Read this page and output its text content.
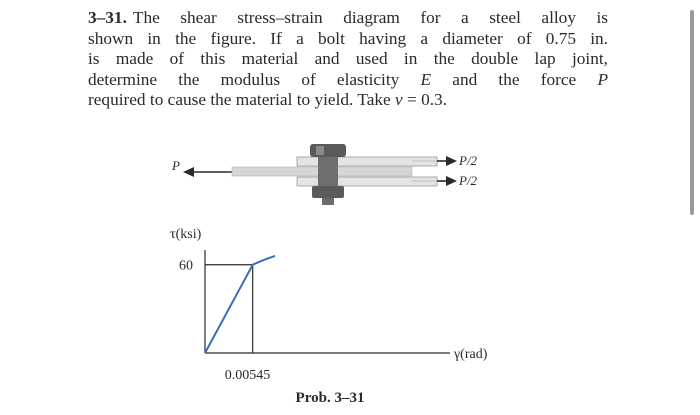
3–31. The shear stress–strain diagram for a steel alloy is
shown in the figure. If a bolt having a diameter of 0.75 in.
is made of this material and used in the double lap joint,
determine the modulus of elasticity E and the force P
required to cause the material to yield. Take ν = 0.3.
P	P/2
P/2
τ(ksi)
60
0.00545
γ(rad)
Prob. 3–31
